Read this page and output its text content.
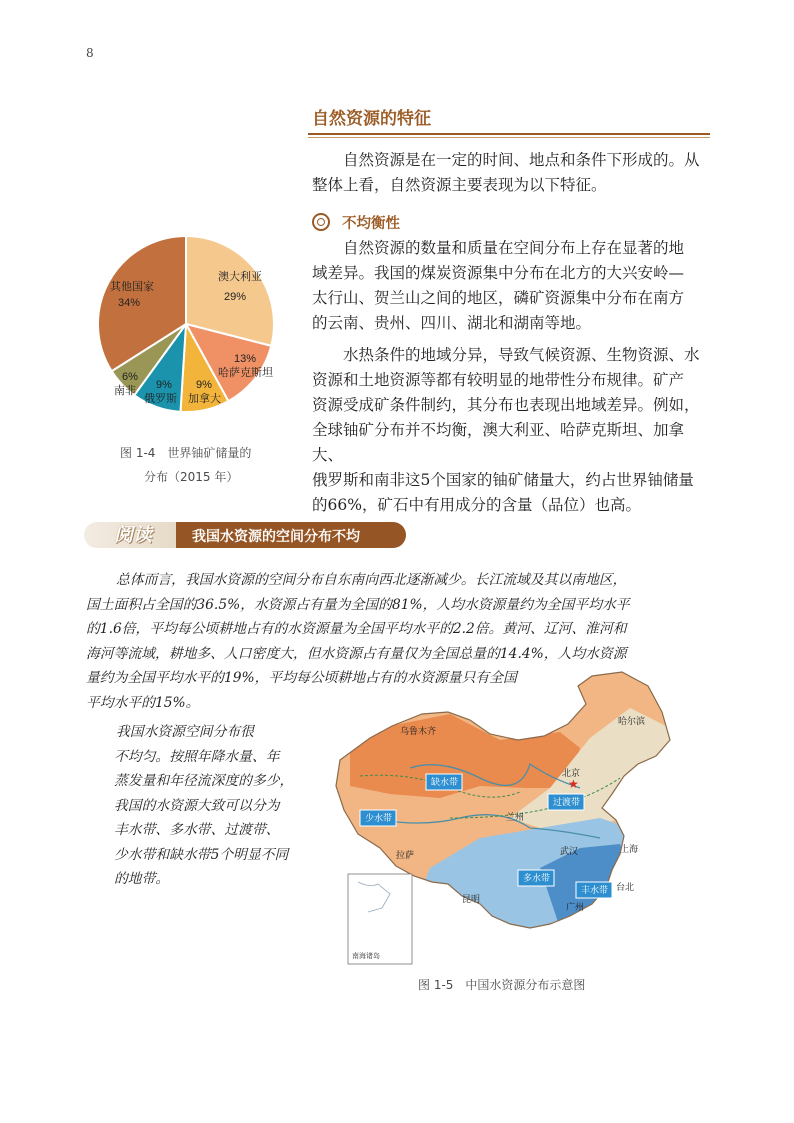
8
自然资源的特征

自然资源是在一定的时间、地点和条件下形成的。从

整体上看，自然资源主要表现为以下特征。

不均衡性

自然资源的数量和质量在空间分布上存在显著的地

域差异。我国的煤炭资源集中分布在北方的大兴安岭—

太行山、贺兰山之间的地区，磷矿资源集中分布在南方

的云南、贵州、四川、湖北和湖南等地。

水热条件的地域分异，导致气候资源、生物资源、水

资源和土地资源等都有较明显的地带性分布规律。矿产

资源受成矿条件制约，其分布也表现出地域差异。例如，

全球铀矿分布并不均衡，澳大利亚、哈萨克斯坦、加拿大、

俄罗斯和南非这5个国家的铀矿储量大，约占世界铀储量

的66%，矿石中有用成分的含量（品位）也高。

澳大利亚
29%
哈萨克斯坦
13%
加拿大
9%
俄罗斯
9%
南非
6%
其他国家
34%
图 1-4　世界铀矿储量的
分布（2015 年）
阅读	我国水资源的空间分布不均
总体而言，我国水资源的空间分布自东南向西北逐渐减少。长江流域及其以南地区，
国土面积占全国的36.5%，水资源占有量为全国的81%，人均水资源量约为全国平均水平
的1.6倍，平均每公顷耕地占有的水资源量为全国平均水平的2.2倍。黄河、辽河、淮河和
海河等流域，耕地多、人口密度大，但水资源占有量仅为全国总量的14.4%，人均水资源
量约为全国平均水平的19%，平均每公顷耕地占有的水资源量只有全国
平均水平的15%。
我国水资源空间分布很
不均匀。按照年降水量、年
蒸发量和年径流深度的多少，
我国的水资源大致可以分为
丰水带、多水带、过渡带、
少水带和缺水带5个明显不同
的地带。
哈尔滨
乌鲁木齐
北京
兰州
拉萨	武汉	上海
昆明
广州
台北
★
缺水带
少水带
过渡带
多水带
丰水带
南海诸岛
图 1-5　中国水资源分布示意图
